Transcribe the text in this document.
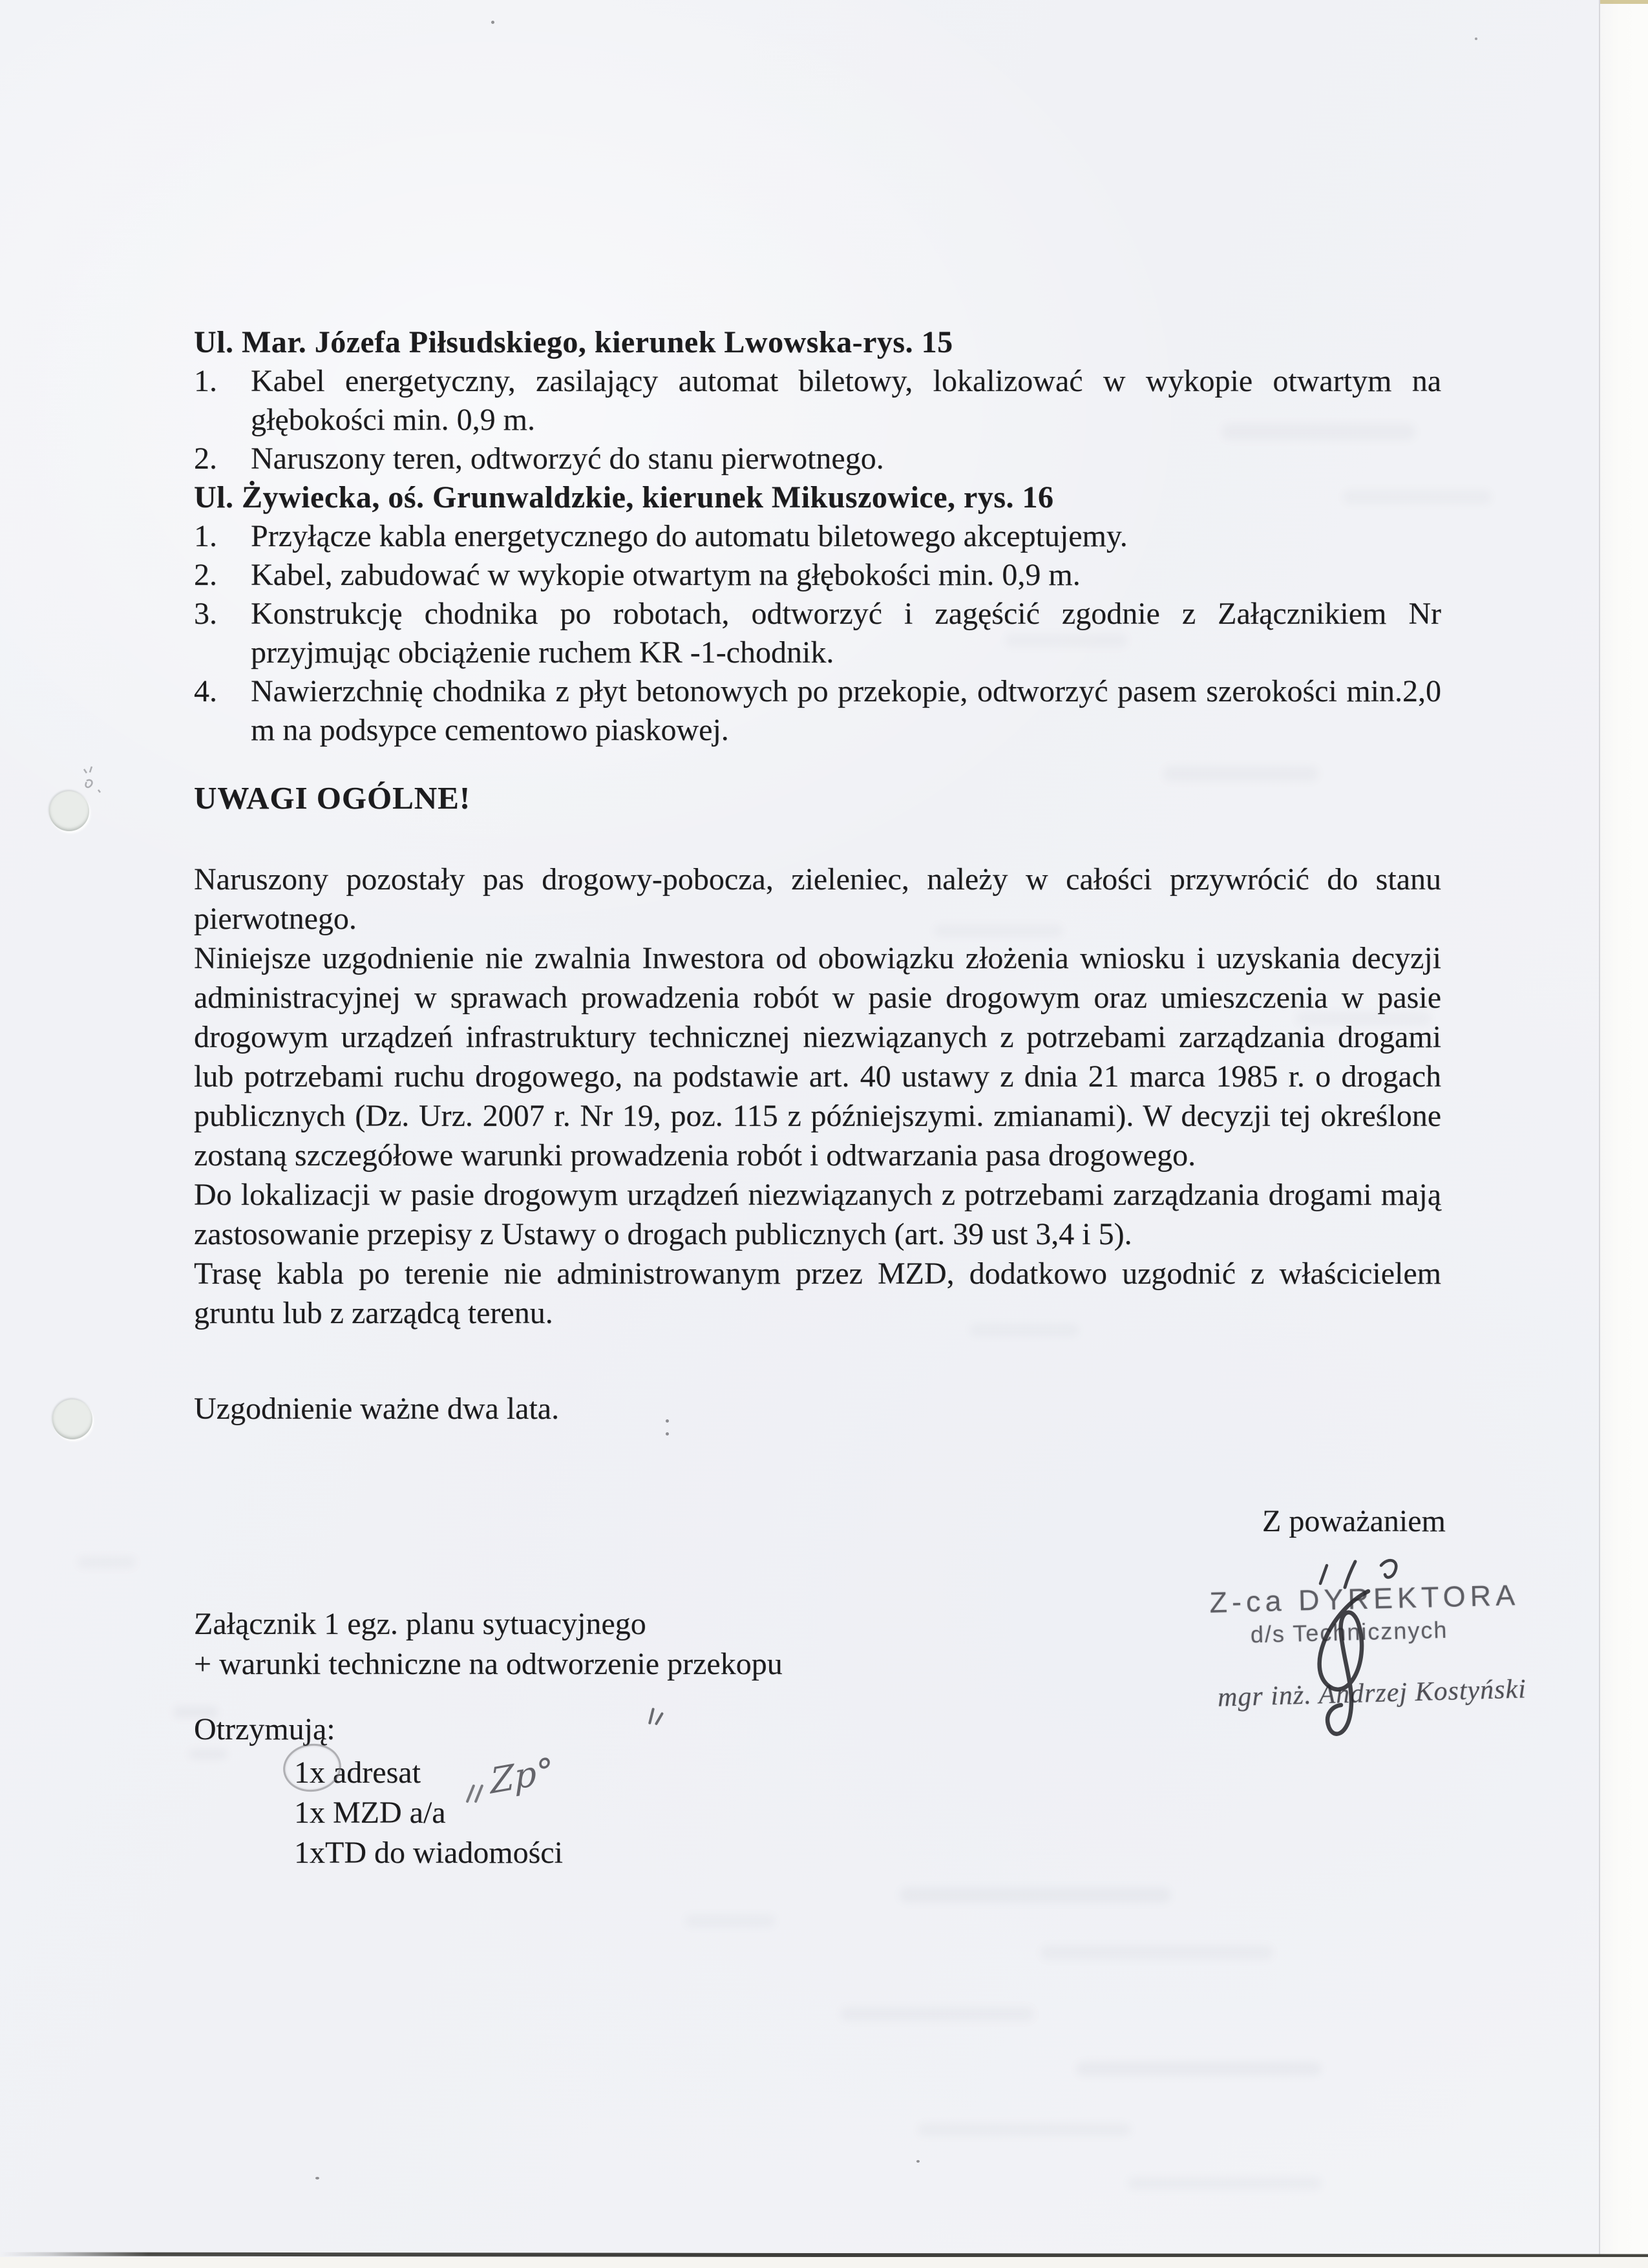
Ul. Mar. Józefa Piłsudskiego, kierunek Lwowska-rys. 15
1. Kabel energetyczny, zasilający automat biletowy, lokalizować w wykopie otwartym na głębokości min. 0,9 m.
2. Naruszony teren, odtworzyć do stanu pierwotnego.
Ul. Żywiecka, oś. Grunwaldzkie, kierunek Mikuszowice, rys. 16
1. Przyłącze kabla energetycznego do automatu biletowego akceptujemy.
2. Kabel, zabudować w wykopie otwartym na głębokości min. 0,9 m.
3. Konstrukcję chodnika po robotach, odtworzyć i zagęścić zgodnie z Załącznikiem Nr przyjmując obciążenie ruchem KR -1-chodnik.
4. Nawierzchnię chodnika z płyt betonowych po przekopie, odtworzyć pasem szerokości min.2,0 m na podsypce cementowo piaskowej.
UWAGI OGÓLNE!

Naruszony pozostały pas drogowy-pobocza, zieleniec, należy w całości przywrócić do stanu pierwotnego.

Niniejsze uzgodnienie nie zwalnia Inwestora od obowiązku złożenia wniosku i uzyskania decyzji administracyjnej w sprawach prowadzenia robót w pasie drogowym oraz umieszczenia w pasie drogowym urządzeń infrastruktury technicznej niezwiązanych z potrzebami zarządzania drogami lub potrzebami ruchu drogowego, na podstawie art. 40 ustawy z dnia 21 marca 1985 r. o drogach publicznych (Dz. Urz. 2007 r. Nr 19, poz. 115 z późniejszymi. zmianami). W decyzji tej określone zostaną szczegółowe warunki prowadzenia robót i odtwarzania pasa drogowego.

Do lokalizacji w pasie drogowym urządzeń niezwiązanych z potrzebami zarządzania drogami mają zastosowanie przepisy z Ustawy o drogach publicznych (art. 39 ust 3,4 i 5).

Trasę kabla po terenie nie administrowanym przez MZD, dodatkowo uzgodnić z właścicielem gruntu lub z zarządcą terenu.

Uzgodnienie ważne dwa lata.
Z poważaniem
Z-ca DYREKTORA
d/s Technicznych
mgr inż. Andrzej Kostyński
Załącznik 1 egz. planu sytuacyjnego
+ warunki techniczne na odtworzenie przekopu
Otrzymują:
1x adresat
1x MZD a/a
1xTD do wiadomości
Zp°
